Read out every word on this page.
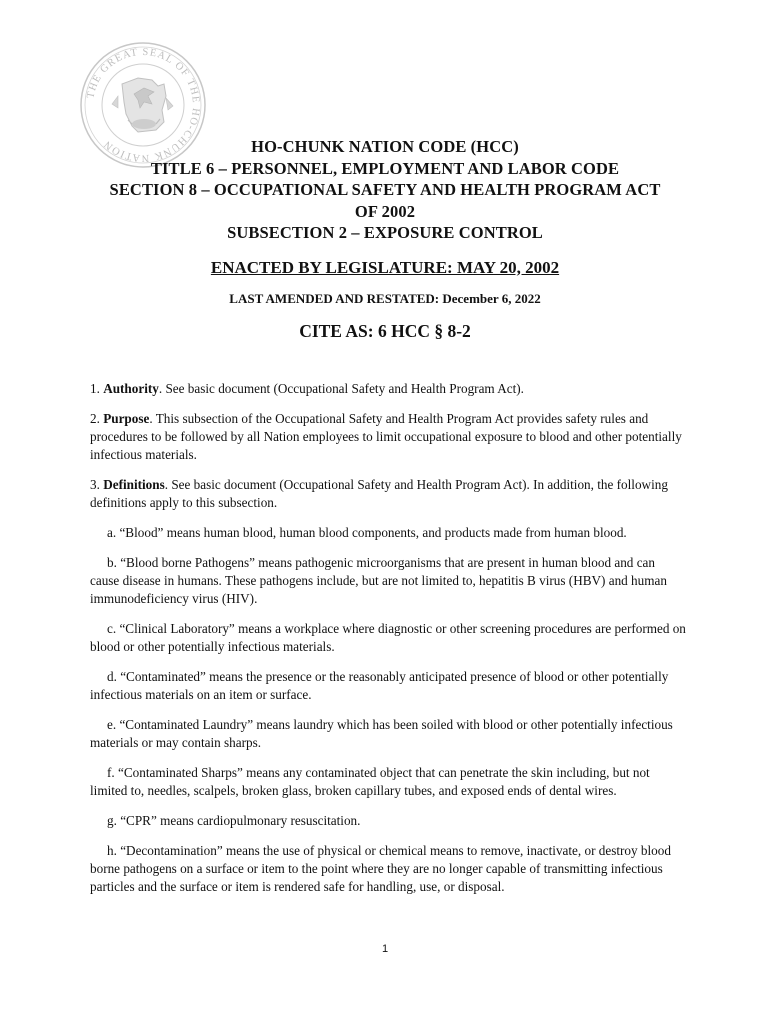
THE GREAT SEAL OF THE HO-CHUNK NATION	HO-CHUNK NATION CODE (HCC)
TITLE 6 – PERSONNEL, EMPLOYMENT AND LABOR CODE
SECTION 8 – OCCUPATIONAL SAFETY AND HEALTH PROGRAM ACT
OF 2002
SUBSECTION 2 – EXPOSURE CONTROL
ENACTED BY LEGISLATURE: MAY 20, 2002
LAST AMENDED AND RESTATED: December 6, 2022
CITE AS: 6 HCC § 8-2

1. Authority. See basic document (Occupational Safety and Health Program Act).

2. Purpose. This subsection of the Occupational Safety and Health Program Act provides safety rules and procedures to be followed by all Nation employees to limit occupational exposure to blood and other potentially infectious materials.

3. Definitions. See basic document (Occupational Safety and Health Program Act). In addition, the following definitions apply to this subsection.

a. “Blood” means human blood, human blood components, and products made from human blood.

b. “Blood borne Pathogens” means pathogenic microorganisms that are present in human blood and can cause disease in humans. These pathogens include, but are not limited to, hepatitis B virus (HBV) and human immunodeficiency virus (HIV).

c. “Clinical Laboratory” means a workplace where diagnostic or other screening procedures are performed on blood or other potentially infectious materials.

d. “Contaminated” means the presence or the reasonably anticipated presence of blood or other potentially infectious materials on an item or surface.

e. “Contaminated Laundry” means laundry which has been soiled with blood or other potentially infectious materials or may contain sharps.

f. “Contaminated Sharps” means any contaminated object that can penetrate the skin including, but not limited to, needles, scalpels, broken glass, broken capillary tubes, and exposed ends of dental wires.

g. “CPR” means cardiopulmonary resuscitation.

h. “Decontamination” means the use of physical or chemical means to remove, inactivate, or destroy blood borne pathogens on a surface or item to the point where they are no longer capable of transmitting infectious particles and the surface or item is rendered safe for handling, use, or disposal.

1
